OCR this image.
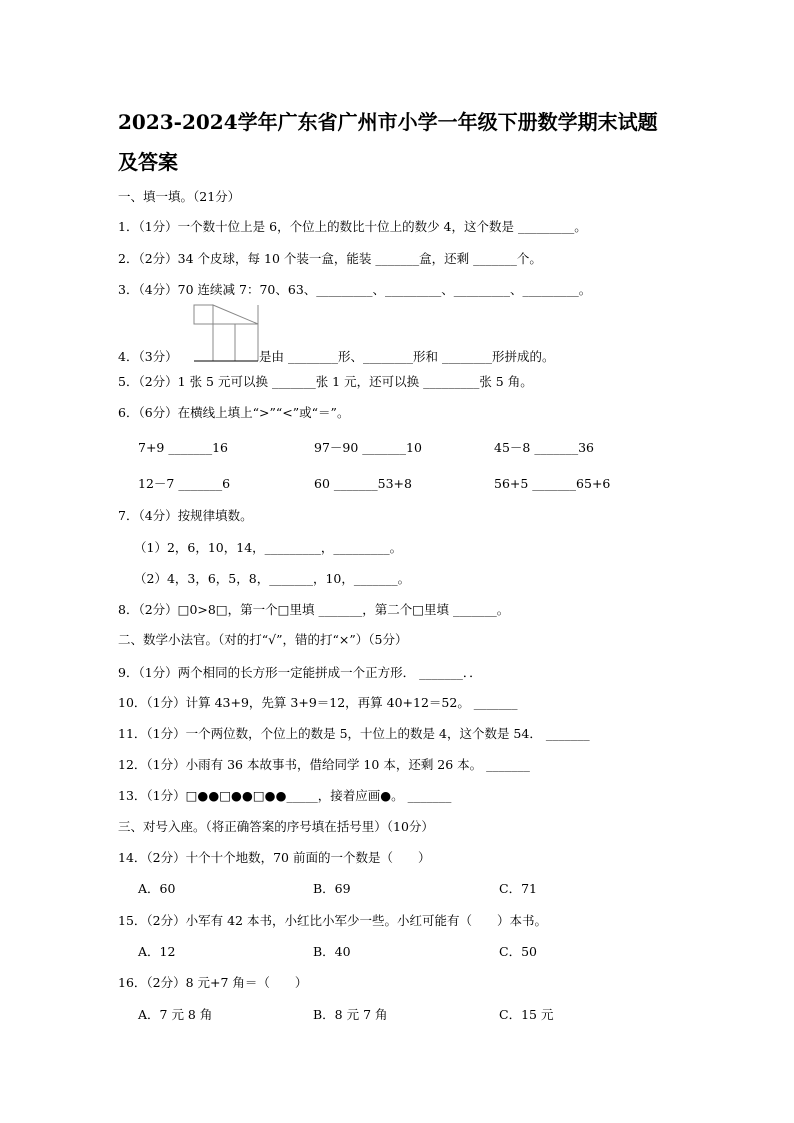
2023-2024学年广东省广州市小学一年级下册数学期末试题
及答案
一、填一填。（21分）
1．（1分）一个数十位上是 6，个位上的数比十位上的数少 4，这个数是 _________。
2．（2分）34 个皮球，每 10 个装一盒，能装 _______盒，还剩 _______个。
3．（4分）70 连续减 7：70、63、_________、_________、_________、_________。
4．（3分）	是由 ________形、________形和 ________形拼成的。
5．（2分）1 张 5 元可以换 _______张 1 元，还可以换 _________张 5 角。
6．（6分）在横线上填上“>”“<”或“＝”。
7+9 _______16	97－90 _______10	45－8 _______36
12－7 _______6	60 _______53+8	56+5 _______65+6
7．（4分）按规律填数。
（1）2，6，10，14，_________，_________。
（2）4，3，6，5，8，_______，10，_______。
8．（2分）□0>8□，第一个□里填 _______，第二个□里填 _______。
二、数学小法官。（对的打“√”，错的打“×”）（5分）
9．（1分）两个相同的长方形一定能拼成一个正方形． _______．．
10．（1分）计算 43+9，先算 3+9＝12，再算 40+12＝52。 _______
11．（1分）一个两位数，个位上的数是 5，十位上的数是 4，这个数是 54． _______
12．（1分）小雨有 36 本故事书，借给同学 10 本，还剩 26 本。 _______
13．（1分）□●●□●●□●●_____，接着应画●。 _______
三、对号入座。（将正确答案的序号填在括号里）（10分）
14．（2分）十个十个地数，70 前面的一个数是（　　）
A．60	B．69	C．71
15．（2分）小军有 42 本书，小红比小军少一些。小红可能有（　　）本书。
A．12	B．40	C．50
16．（2分）8 元+7 角＝（　　）
A．7 元 8 角	B．8 元 7 角	C．15 元
